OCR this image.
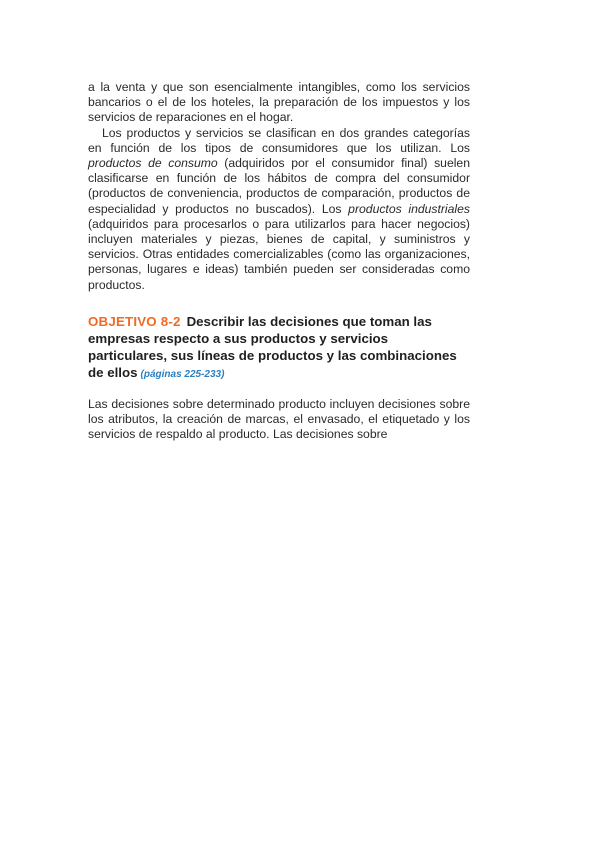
a la venta y que son esencialmente intangibles, como los servicios bancarios o el de los hoteles, la preparación de los impuestos y los servicios de reparaciones en el hogar.

Los productos y servicios se clasifican en dos grandes categorías en función de los tipos de consumidores que los utilizan. Los productos de consumo (adquiridos por el consumidor final) suelen clasificarse en función de los hábitos de compra del consumidor (productos de conveniencia, productos de comparación, productos de especialidad y productos no buscados). Los productos industriales (adquiridos para procesarlos o para utilizarlos para hacer negocios) incluyen materiales y piezas, bienes de capital, y suministros y servicios. Otras entidades comercializables (como las organizaciones, personas, lugares e ideas) también pueden ser consideradas como productos.

OBJETIVO 8-2 Describir las decisiones que toman las empresas respecto a sus productos y servicios particulares, sus líneas de productos y las combinaciones de ellos (páginas 225-233)

Las decisiones sobre determinado producto incluyen decisiones sobre los atributos, la creación de marcas, el envasado, el etiquetado y los servicios de respaldo al producto. Las decisiones sobre
